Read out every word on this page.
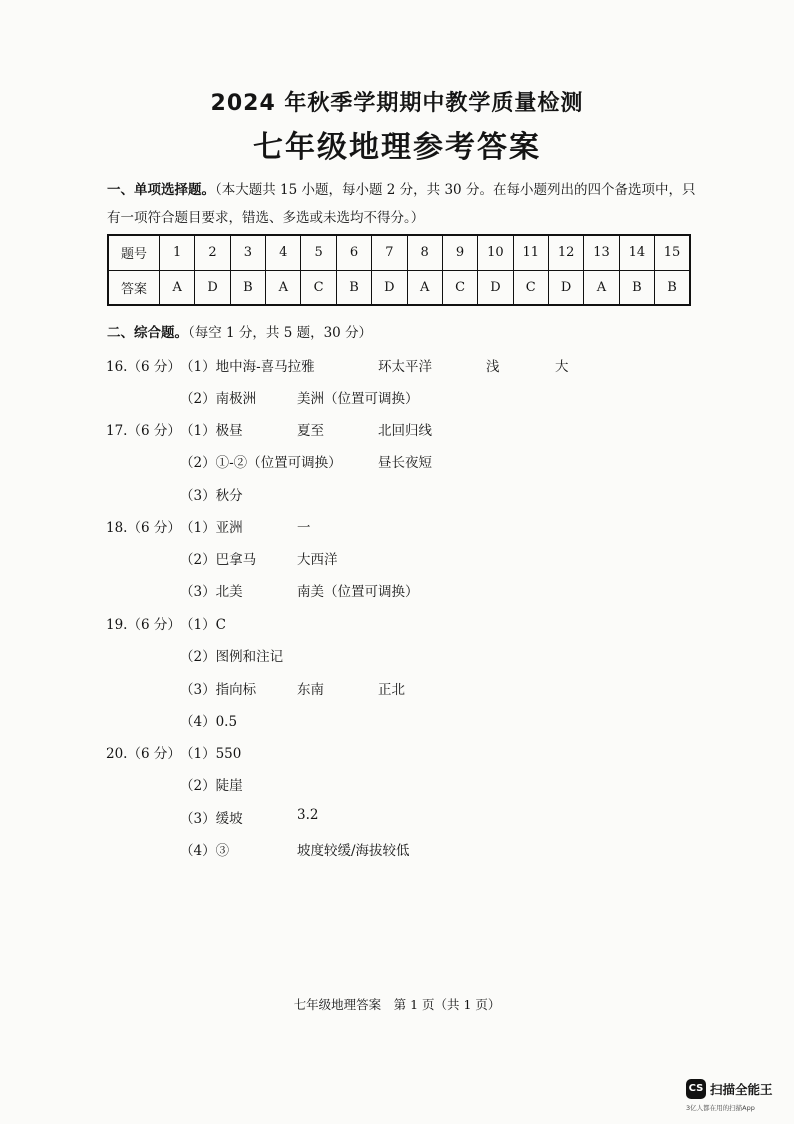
2024 年秋季学期期中教学质量检测
七年级地理参考答案
一、单项选择题。（本大题共 15 小题，每小题 2 分，共 30 分。在每小题列出的四个备选项中，只
有一项符合题目要求，错选、多选或未选均不得分。）
题号	1	2	3	4	5	6	7	8	9	10	11	12	13	14	15
答案	A	D	B	A	C	B	D	A	C	D	C	D	A	B	B
二、综合题。（每空 1 分，共 5 题，30 分）
16.（6 分） （1）地中海-喜马拉雅	环太平洋	浅	大
（2）南极洲	美洲（位置可调换）
17.（6 分） （1）极昼	夏至	北回归线
（2）①-②（位置可调换）	昼长夜短
（3）秋分
18.（6 分） （1）亚洲	一
（2）巴拿马	大西洋
（3）北美	南美（位置可调换）
19.（6 分） （1）C
（2）图例和注记
（3）指向标	东南	正北
（4）0.5
20.（6 分） （1）550
（2）陡崖
（3）缓坡	3.2
（4）③	坡度较缓/海拔较低
七年级地理答案　第 1 页（共 1 页）
CS 扫描全能王
3亿人都在用的扫描App
